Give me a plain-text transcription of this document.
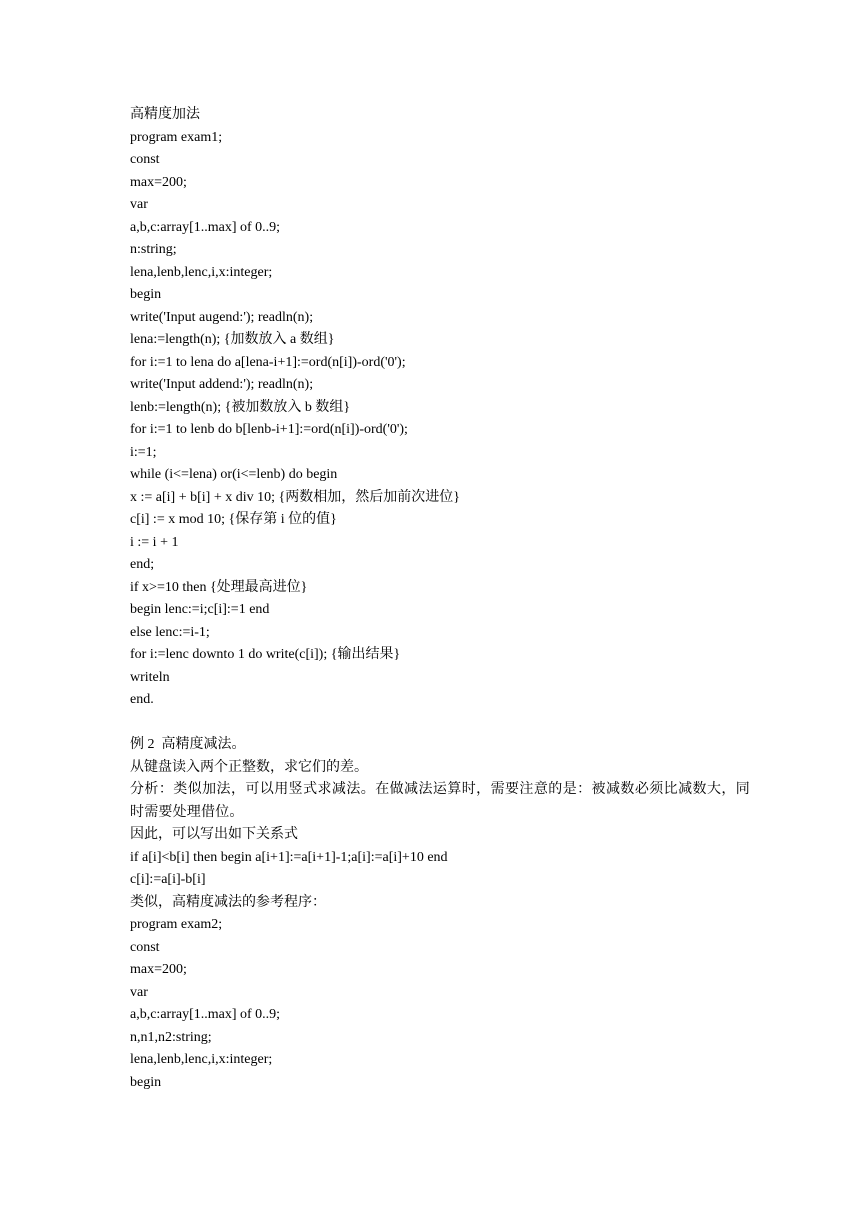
高精度加法
program exam1;
const
max=200;
var
a,b,c:array[1..max] of 0..9;
n:string;
lena,lenb,lenc,i,x:integer;
begin
write('Input augend:'); readln(n);
lena:=length(n); {加数放入 a 数组}
for i:=1 to lena do a[lena-i+1]:=ord(n[i])-ord('0');
write('Input addend:'); readln(n);
lenb:=length(n); {被加数放入 b 数组}
for i:=1 to lenb do b[lenb-i+1]:=ord(n[i])-ord('0');
i:=1;
while (i<=lena) or(i<=lenb) do begin
x := a[i] + b[i] + x div 10; {两数相加，然后加前次进位}
c[i] := x mod 10; {保存第 i 位的值}
i := i + 1
end;
if x>=10 then {处理最高进位}
begin lenc:=i;c[i]:=1 end
else lenc:=i-1;
for i:=lenc downto 1 do write(c[i]); {输出结果}
writeln
end.
例 2  高精度减法。
从键盘读入两个正整数，求它们的差。
分析：类似加法，可以用竖式求减法。在做减法运算时，需要注意的是：被减数必须比减数大，同时需要处理借位。
因此，可以写出如下关系式
if a[i]<b[i] then begin a[i+1]:=a[i+1]-1;a[i]:=a[i]+10 end
c[i]:=a[i]-b[i]
类似，高精度减法的参考程序：
program exam2;
const
max=200;
var
a,b,c:array[1..max] of 0..9;
n,n1,n2:string;
lena,lenb,lenc,i,x:integer;
begin
